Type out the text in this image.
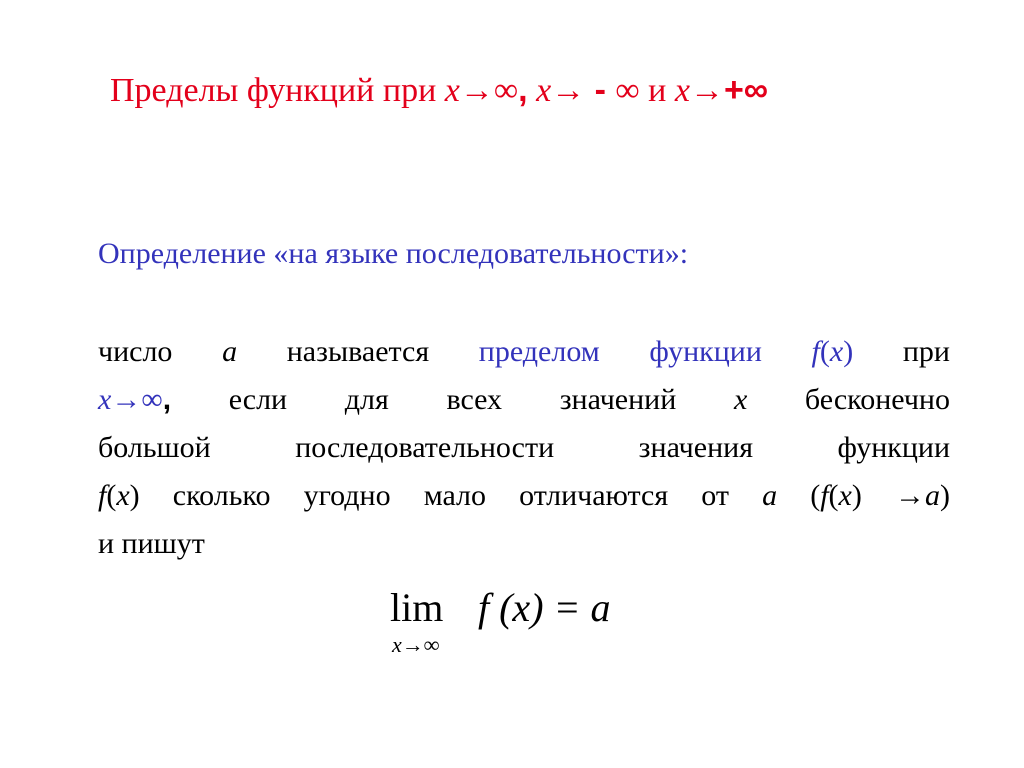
Пределы функций при x→∞, x→ - ∞ и x→+∞
Определение «на языке последовательности»:
число a называется пределом функции f(x) при
x→∞, если для всех значений x бесконечно
большой последовательности значения функции
f(x) сколько угодно мало отличаются от a (f(x) →a)
и пишут
lim
x→∞
f (x) = a
